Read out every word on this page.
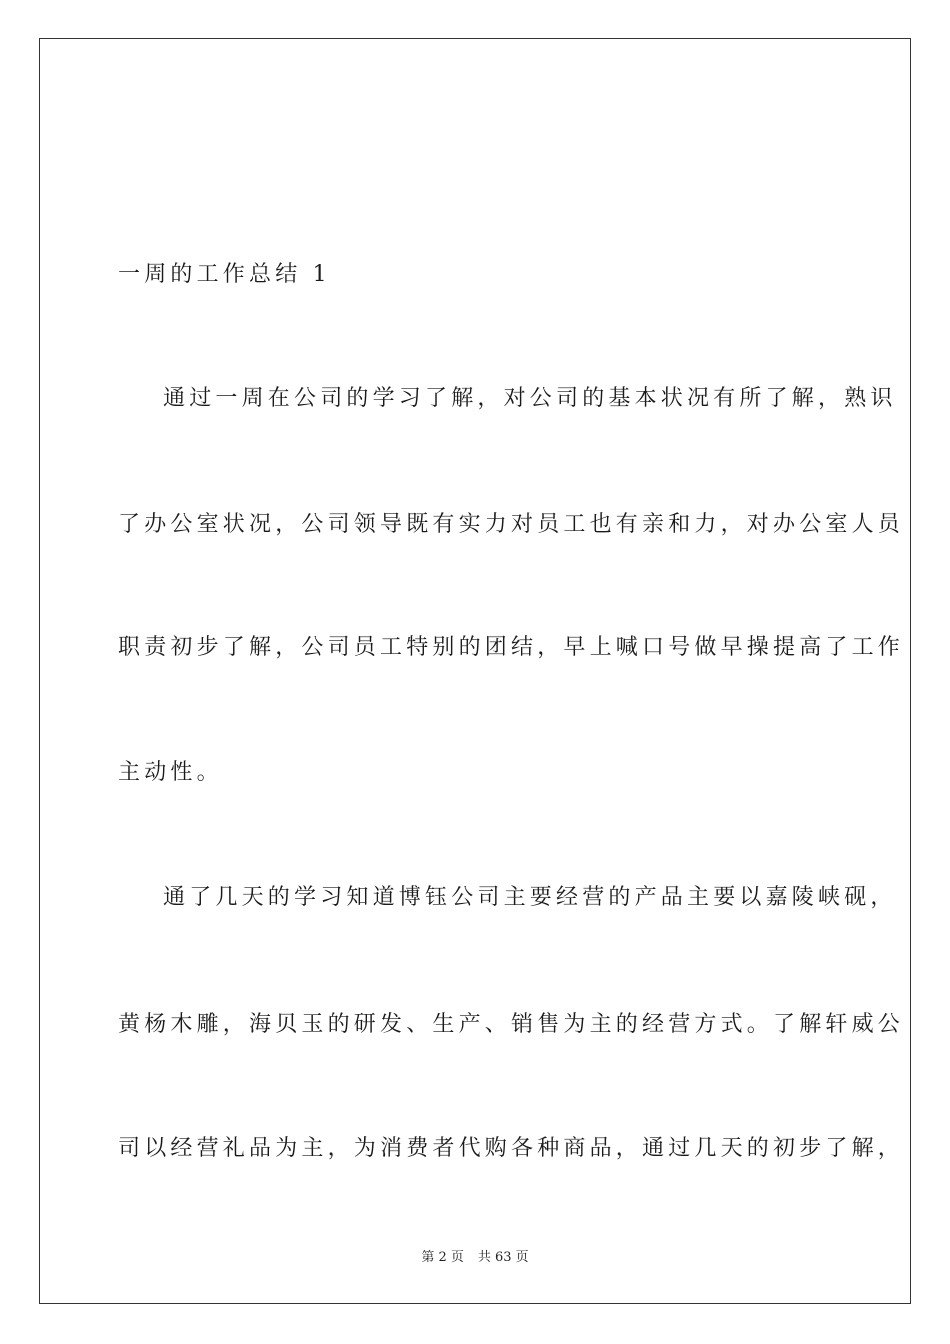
一周的工作总结 1
通过一周在公司的学习了解，对公司的基本状况有所了解，熟识
了办公室状况，公司领导既有实力对员工也有亲和力，对办公室人员
职责初步了解，公司员工特别的团结，早上喊口号做早操提高了工作
主动性。
通了几天的学习知道博钰公司主要经营的产品主要以嘉陵峡砚，
黄杨木雕，海贝玉的研发、生产、销售为主的经营方式。了解轩威公
司以经营礼品为主，为消费者代购各种商品，通过几天的初步了解，
第 2 页 共 63 页
